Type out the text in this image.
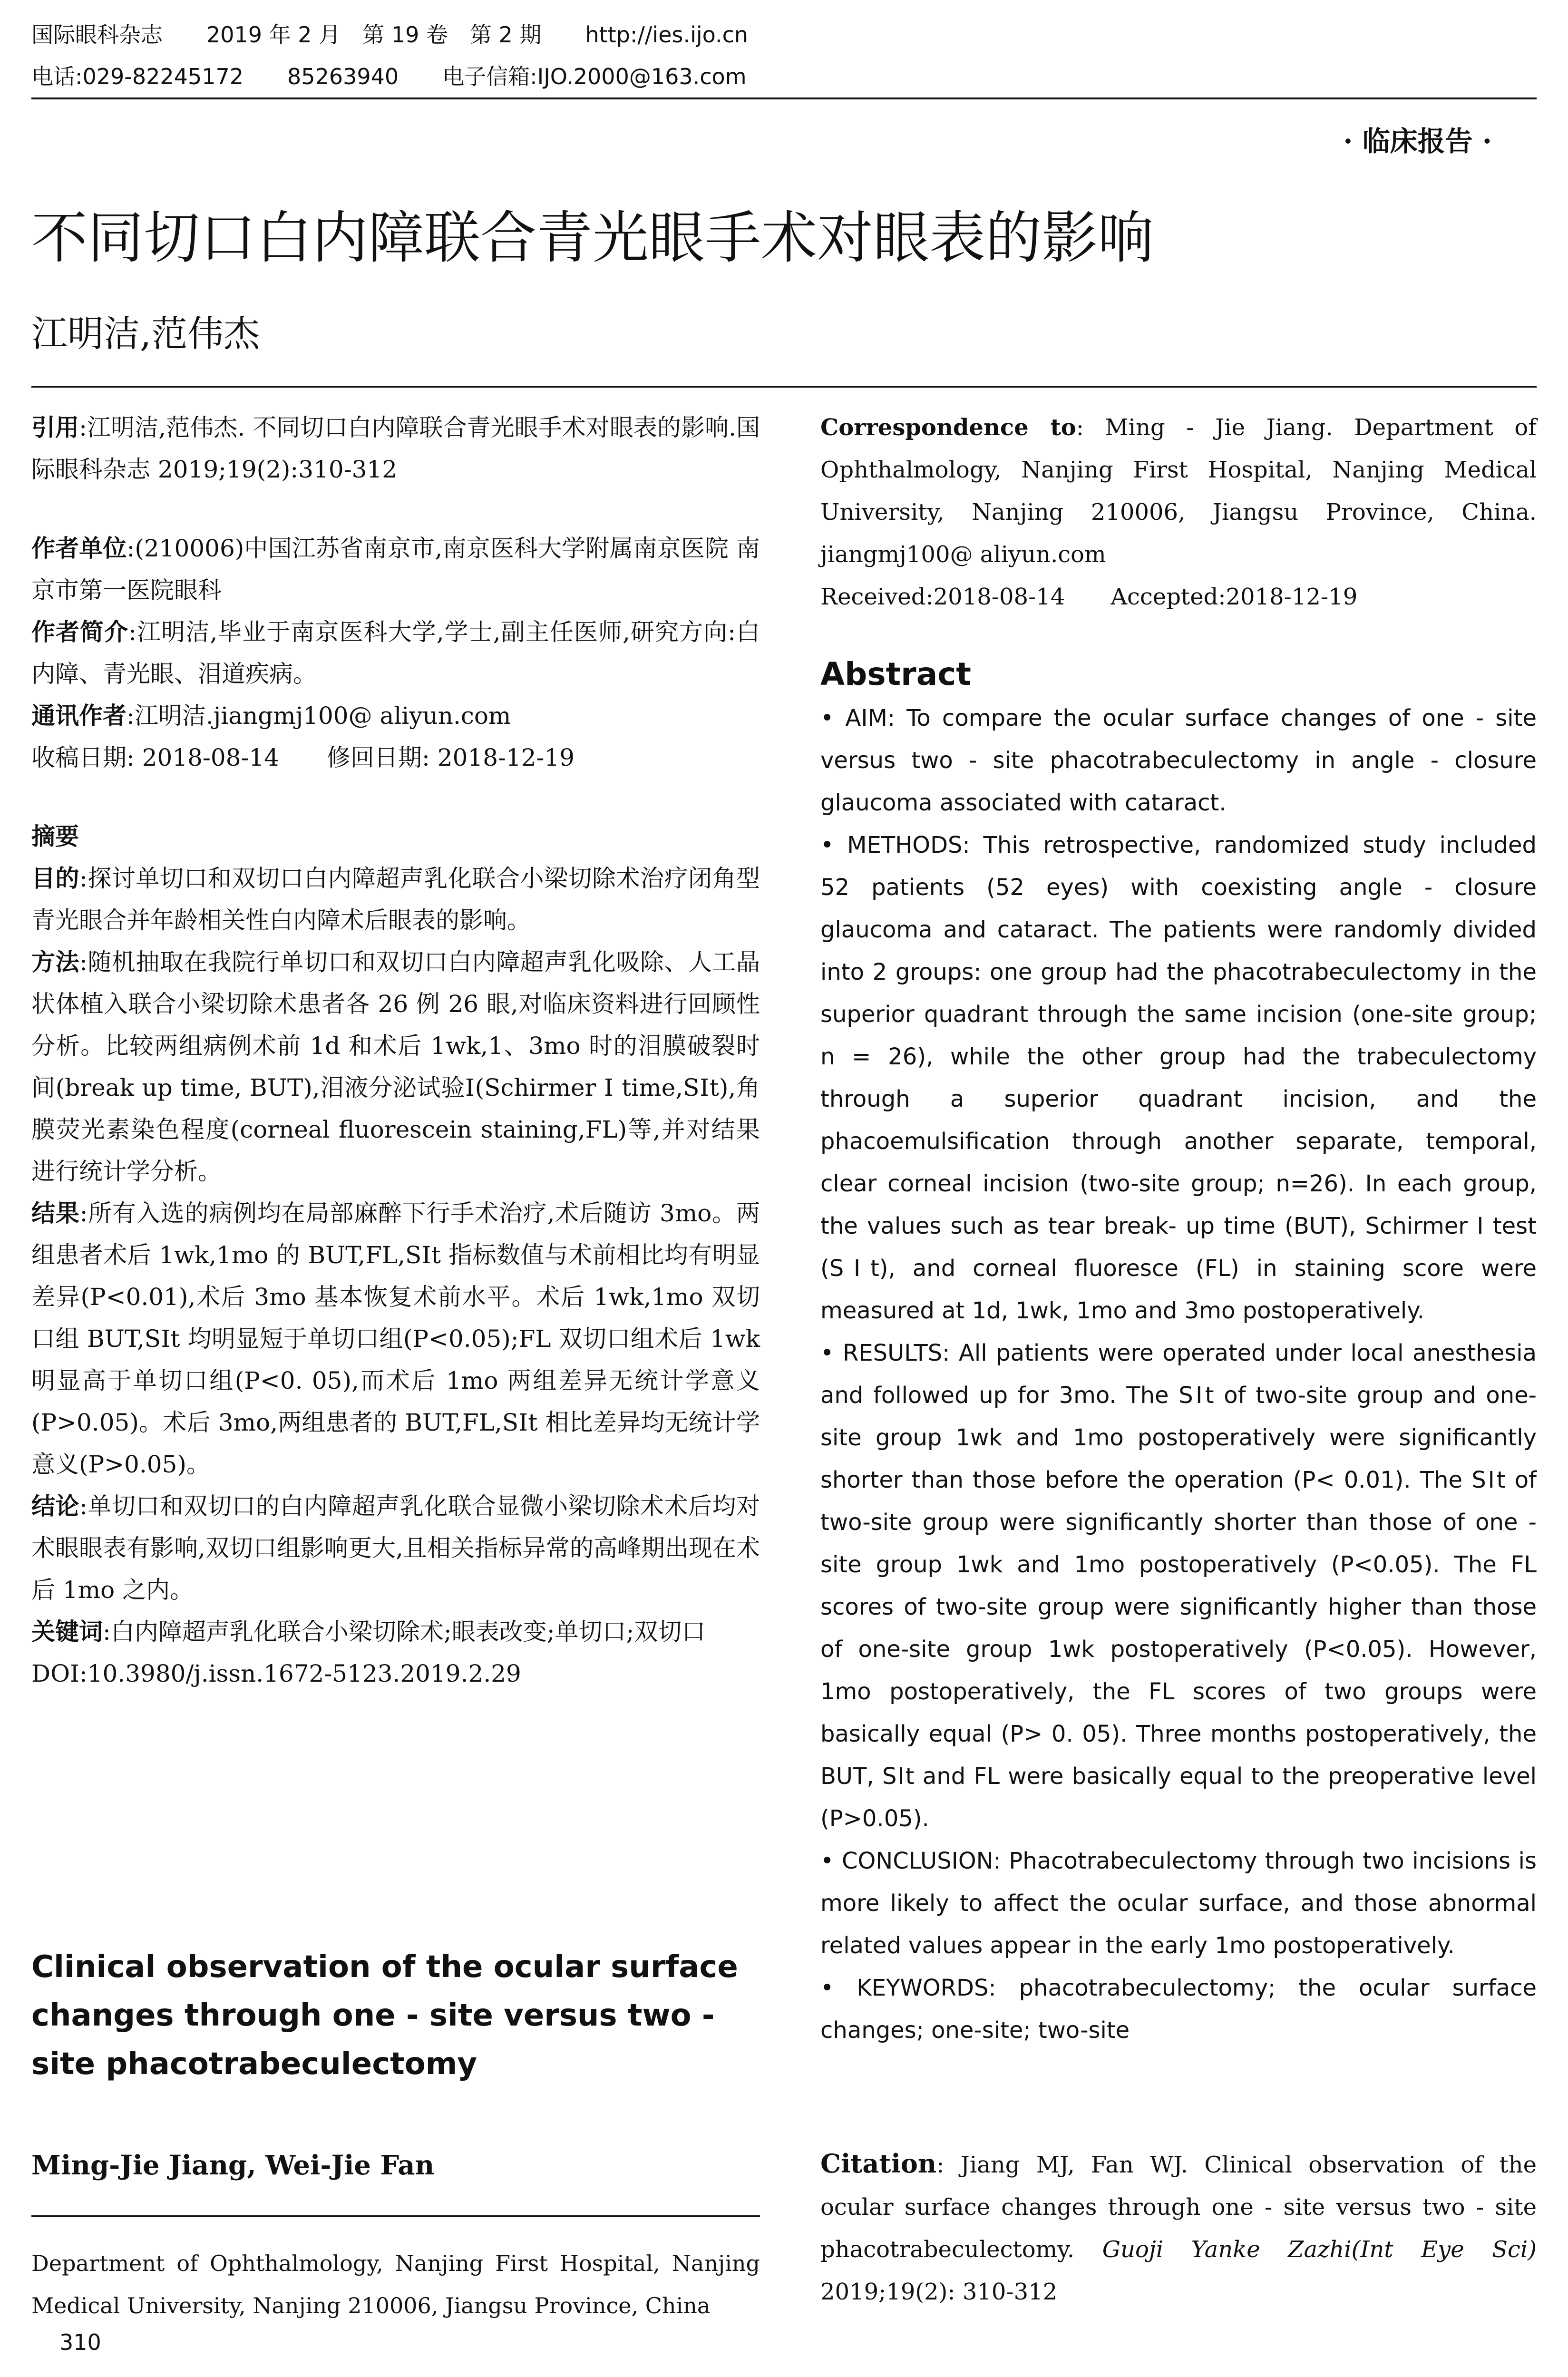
国际眼科杂志 2019 年 2 月　第 19 卷　第 2 期 http://ies.ijo.cn
电话:029-82245172 85263940 电子信箱:IJO.2000@163.com
· 临床报告 ·
不同切口白内障联合青光眼手术对眼表的影响
江明洁,范伟杰

引用:江明洁,范伟杰. 不同切口白内障联合青光眼手术对眼表的影响.国际眼科杂志 2019;19(2):310-312

作者单位:(210006)中国江苏省南京市,南京医科大学附属南京医院 南京市第一医院眼科

作者简介:江明洁,毕业于南京医科大学,学士,副主任医师,研究方向:白内障、青光眼、泪道疾病。

通讯作者:江明洁.jiangmj100@ aliyun.com

收稿日期: 2018-08-14　　修回日期: 2018-12-19

摘要

目的:探讨单切口和双切口白内障超声乳化联合小梁切除术治疗闭角型青光眼合并年龄相关性白内障术后眼表的影响。

方法:随机抽取在我院行单切口和双切口白内障超声乳化吸除、人工晶状体植入联合小梁切除术患者各 26 例 26 眼,对临床资料进行回顾性分析。比较两组病例术前 1d 和术后 1wk,1、3mo 时的泪膜破裂时间(break up time, BUT),泪液分泌试验Ⅰ(Schirmer Ⅰ time,SⅠt),角膜荧光素染色程度(corneal fluorescein staining,FL)等,并对结果进行统计学分析。

结果:所有入选的病例均在局部麻醉下行手术治疗,术后随访 3mo。两组患者术后 1wk,1mo 的 BUT,FL,SⅠt 指标数值与术前相比均有明显差异(P<0.01),术后 3mo 基本恢复术前水平。术后 1wk,1mo 双切口组 BUT,SⅠt 均明显短于单切口组(P<0.05);FL 双切口组术后 1wk 明显高于单切口组(P<0. 05),而术后 1mo 两组差异无统计学意义(P>0.05)。术后 3mo,两组患者的 BUT,FL,SⅠt 相比差异均无统计学意义(P>0.05)。

结论:单切口和双切口的白内障超声乳化联合显微小梁切除术术后均对术眼眼表有影响,双切口组影响更大,且相关指标异常的高峰期出现在术后 1mo 之内。

关键词:白内障超声乳化联合小梁切除术;眼表改变;单切口;双切口

DOI:10.3980/j.issn.1672-5123.2019.2.29

Clinical observation of the ocular surface changes through one - site versus two - site phacotrabeculectomy
Ming-Jie Jiang, Wei-Jie Fan
Department of Ophthalmology, Nanjing First Hospital, Nanjing Medical University, Nanjing 210006, Jiangsu Province, China
310

Correspondence to: Ming - Jie Jiang. Department of Ophthalmology, Nanjing First Hospital, Nanjing Medical University, Nanjing 210006, Jiangsu Province, China. jiangmj100@ aliyun.com

Received:2018-08-14　　Accepted:2018-12-19

Abstract

• AIM: To compare the ocular surface changes of one - site versus two - site phacotrabeculectomy in angle - closure glaucoma associated with cataract.

• METHODS: This retrospective, randomized study included 52 patients (52 eyes) with coexisting angle - closure glaucoma and cataract. The patients were randomly divided into 2 groups: one group had the phacotrabeculectomy in the superior quadrant through the same incision (one-site group; n = 26), while the other group had the trabeculectomy through a superior quadrant incision, and the phacoemulsification through another separate, temporal, clear corneal incision (two-site group; n=26). In each group, the values such as tear break- up time (BUT), Schirmer I test (SⅠt), and corneal fluoresce (FL) in staining score were measured at 1d, 1wk, 1mo and 3mo postoperatively.

• RESULTS: All patients were operated under local anesthesia and followed up for 3mo. The SⅠt of two-site group and one-site group 1wk and 1mo postoperatively were significantly shorter than those before the operation (P< 0.01). The SⅠt of two-site group were significantly shorter than those of one - site group 1wk and 1mo postoperatively (P<0.05). The FL scores of two-site group were significantly higher than those of one-site group 1wk postoperatively (P<0.05). However, 1mo postoperatively, the FL scores of two groups were basically equal (P> 0. 05). Three months postoperatively, the BUT, SⅠt and FL were basically equal to the preoperative level (P>0.05).

• CONCLUSION: Phacotrabeculectomy through two incisions is more likely to affect the ocular surface, and those abnormal related values appear in the early 1mo postoperatively.

• KEYWORDS: phacotrabeculectomy; the ocular surface changes; one-site; two-site

Citation: Jiang MJ, Fan WJ. Clinical observation of the ocular surface changes through one - site versus two - site phacotrabeculectomy. Guoji Yanke Zazhi(Int Eye Sci) 2019;19(2): 310-312
